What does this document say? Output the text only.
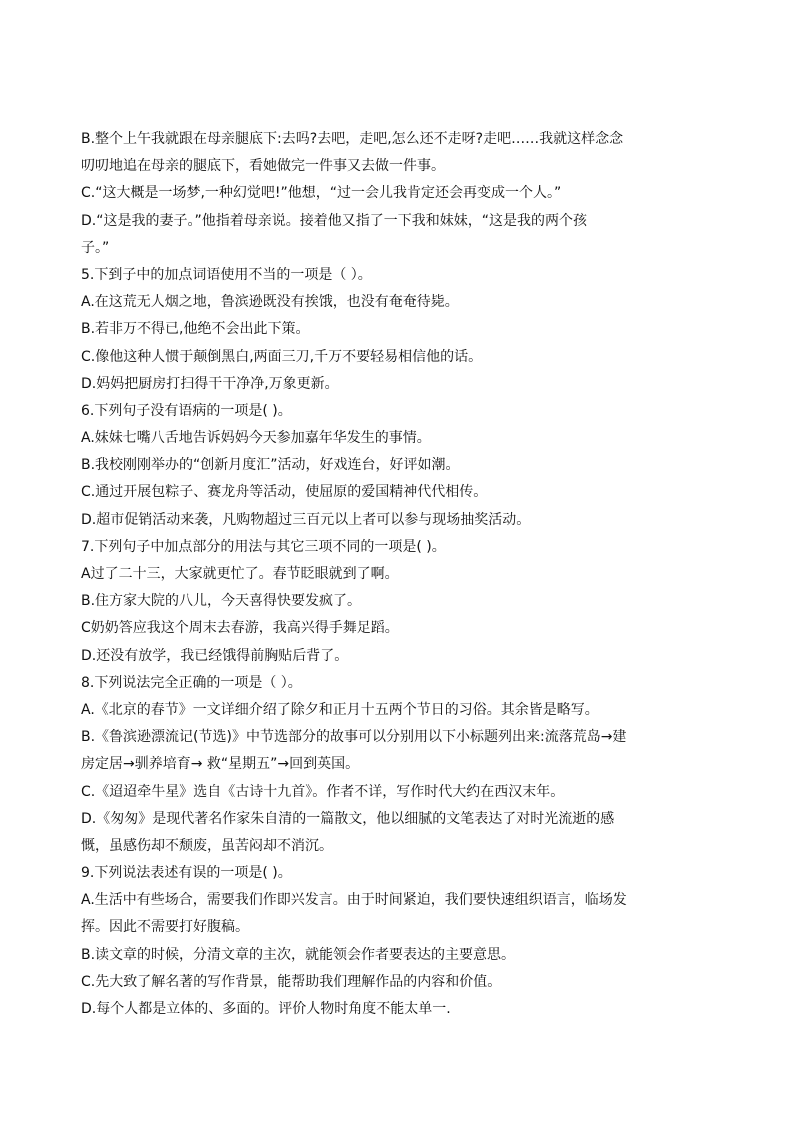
B.整个上午我就跟在母亲腿底下:去吗?去吧，走吧,怎么还不走呀?走吧……我就这样念念
叨叨地追在母亲的腿底下，看她做完一件事又去做一件事。
C.“这大概是一场梦,一种幻觉吧!”他想，“过一会儿我肯定还会再变成一个人。”
D.“这是我的妻子。”他指着母亲说。接着他又指了一下我和妹妹，“这是我的两个孩
子。”
5.下到子中的加点词语使用不当的一项是（ ）。
A.在这荒无人烟之地，鲁滨逊既没有挨饿，也没有奄奄待毙。
B.若非万不得已,他绝不会出此下策。
C.像他这种人惯于颠倒黑白,两面三刀,千万不要轻易相信他的话。
D.妈妈把厨房打扫得干干净净,万象更新。
6.下列句子没有语病的一项是( )。
A.妹妹七嘴八舌地告诉妈妈今天参加嘉年华发生的事情。
B.我校刚刚举办的“创新月度汇”活动，好戏连台，好评如潮。
C.通过开展包粽子、赛龙舟等活动，使屈原的爱国精神代代相传。
D.超市促销活动来袭，凡购物超过三百元以上者可以参与现场抽奖活动。
7.下列句子中加点部分的用法与其它三项不同的一项是( )。
A过了二十三，大家就更忙了。春节眨眼就到了啊。
B.住方家大院的八儿，今天喜得快要发疯了。
C奶奶答应我这个周末去春游，我高兴得手舞足蹈。
D.还没有放学，我已经饿得前胸贴后背了。
8.下列说法完全正确的一项是（ ）。
A.《北京的春节》一文详细介绍了除夕和正月十五两个节日的习俗。其余皆是略写。
B.《鲁滨逊漂流记(节选)》中节选部分的故事可以分别用以下小标题列出来:流落荒岛→建
房定居→驯养培育→ 救“星期五”→回到英国。
C.《迢迢牵牛星》选自《古诗十九首》。作者不详，写作时代大约在西汉末年。
D.《匆匆》是现代著名作家朱自清的一篇散文，他以细腻的文笔表达了对时光流逝的感
慨，虽感伤却不颓废，虽苦闷却不消沉。
9.下列说法表述有误的一项是( )。
A.生活中有些场合，需要我们作即兴发言。由于时间紧迫，我们要快速组织语言，临场发
挥。因此不需要打好腹稿。
B.读文章的时候，分清文章的主次，就能领会作者要表达的主要意思。
C.先大致了解名著的写作背景，能帮助我们理解作品的内容和价值。
D.每个人都是立体的、多面的。评价人物时角度不能太单一.
